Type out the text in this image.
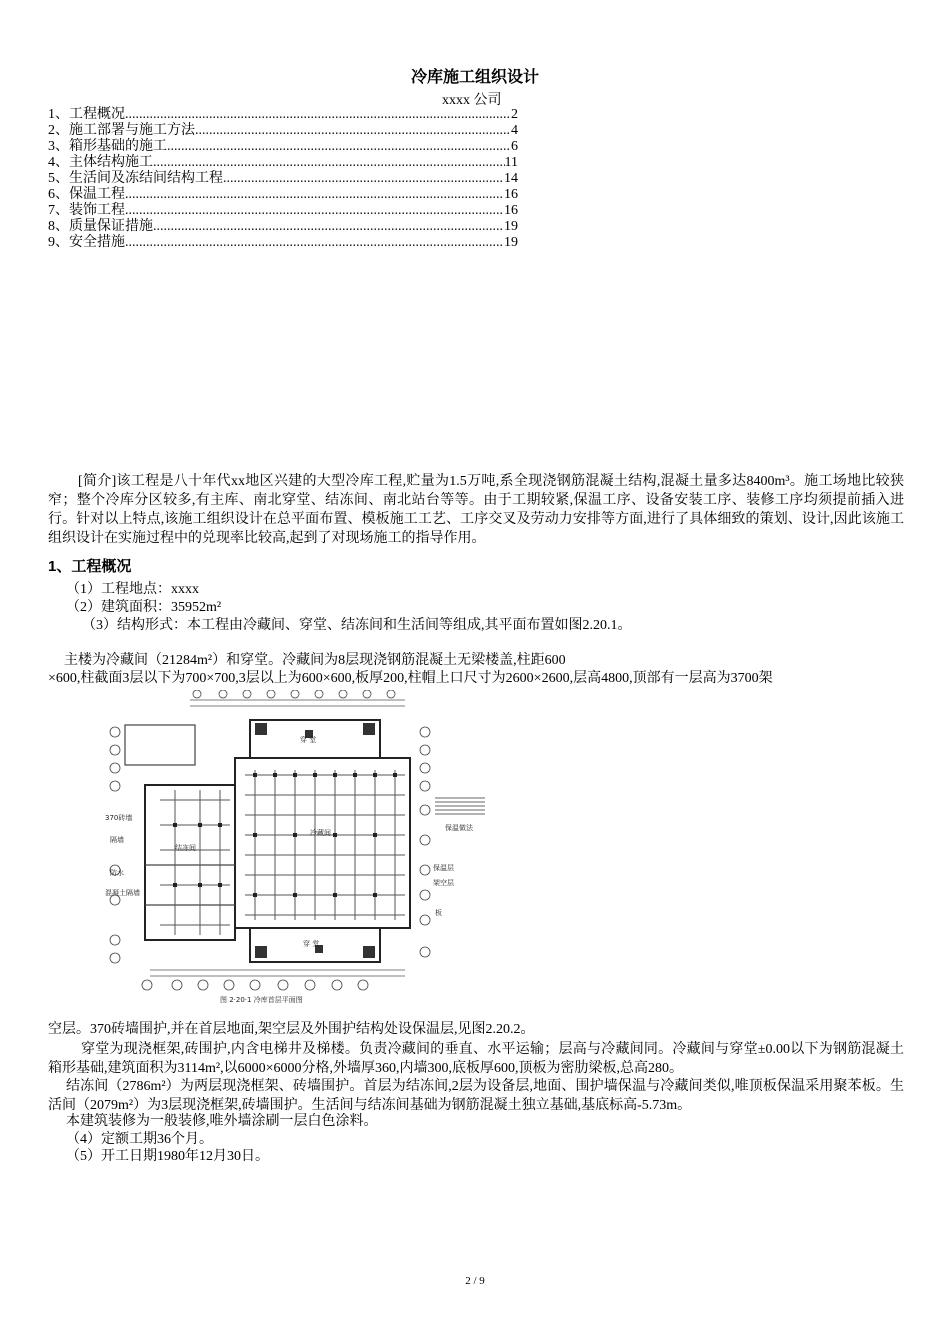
冷库施工组织设计
xxxx 公司
1、工程概况 .....	2
2、施工部署与施工方法 .....	4
3、箱形基础的施工 .....	6
4、主体结构施工 .....	11
5、生活间及冻结间结构工程 .....	14
6、保温工程 .....	16
7、装饰工程 .....	16
8、质量保证措施 .....	19
9、安全措施 .....	19
[简介]该工程是八十年代xx地区兴建的大型冷库工程,贮量为1.5万吨,系全现浇钢筋混凝土结构,混凝土量多达8400m³。施工场地比较狭窄；整个冷库分区较多,有主库、南北穿堂、结冻间、南北站台等等。由于工期较紧,保温工序、设备安装工序、装修工序均须提前插入进行。针对以上特点,该施工组织设计在总平面布置、模板施工工艺、工序交叉及劳动力安排等方面,进行了具体细致的策划、设计,因此该施工组织设计在实施过程中的兑现率比较高,起到了对现场施工的指导作用。
1、工程概况
（1）工程地点：xxxx
（2）建筑面积：35952m²
（3）结构形式：本工程由冷藏间、穿堂、结冻间和生活间等组成,其平面布置如图2.20.1。
主楼为冷藏间（21284m²）和穿堂。冷藏间为8层现浇钢筋混凝土无梁楼盖,柱距600
×600,柱截面3层以下为700×700,3层以上为600×600,板厚200,柱帽上口尺寸为2600×2600,层高4800,顶部有一层高为3700架
穿 堂
穿 堂
冷藏间
结冻间
370砖墙
隔墙
防水
混凝土隔墙
保温层
架空层
板
保温做法
图 2·20·1 冷库首层平面图
空层。370砖墙围护,并在首层地面,架空层及外围护结构处设保温层,见图2.20.2。
穿堂为现浇框架,砖围护,内含电梯井及梯楼。负责冷藏间的垂直、水平运输；层高与冷藏间同。冷藏间与穿堂±0.00以下为钢筋混凝土箱形基础,建筑面积为3114m²,以6000×6000分格,外墙厚360,内墙300,底板厚600,顶板为密肋梁板,总高280。
结冻间（2786m²）为两层现浇框架、砖墙围护。首层为结冻间,2层为设备层,地面、围护墙保温与冷藏间类似,唯顶板保温采用聚苯板。生活间（2079m²）为3层现浇框架,砖墙围护。生活间与结冻间基础为钢筋混凝土独立基础,基底标高-5.73m。
本建筑装修为一般装修,唯外墙涂刷一层白色涂料。
（4）定额工期36个月。
（5）开工日期1980年12月30日。
2 / 9
